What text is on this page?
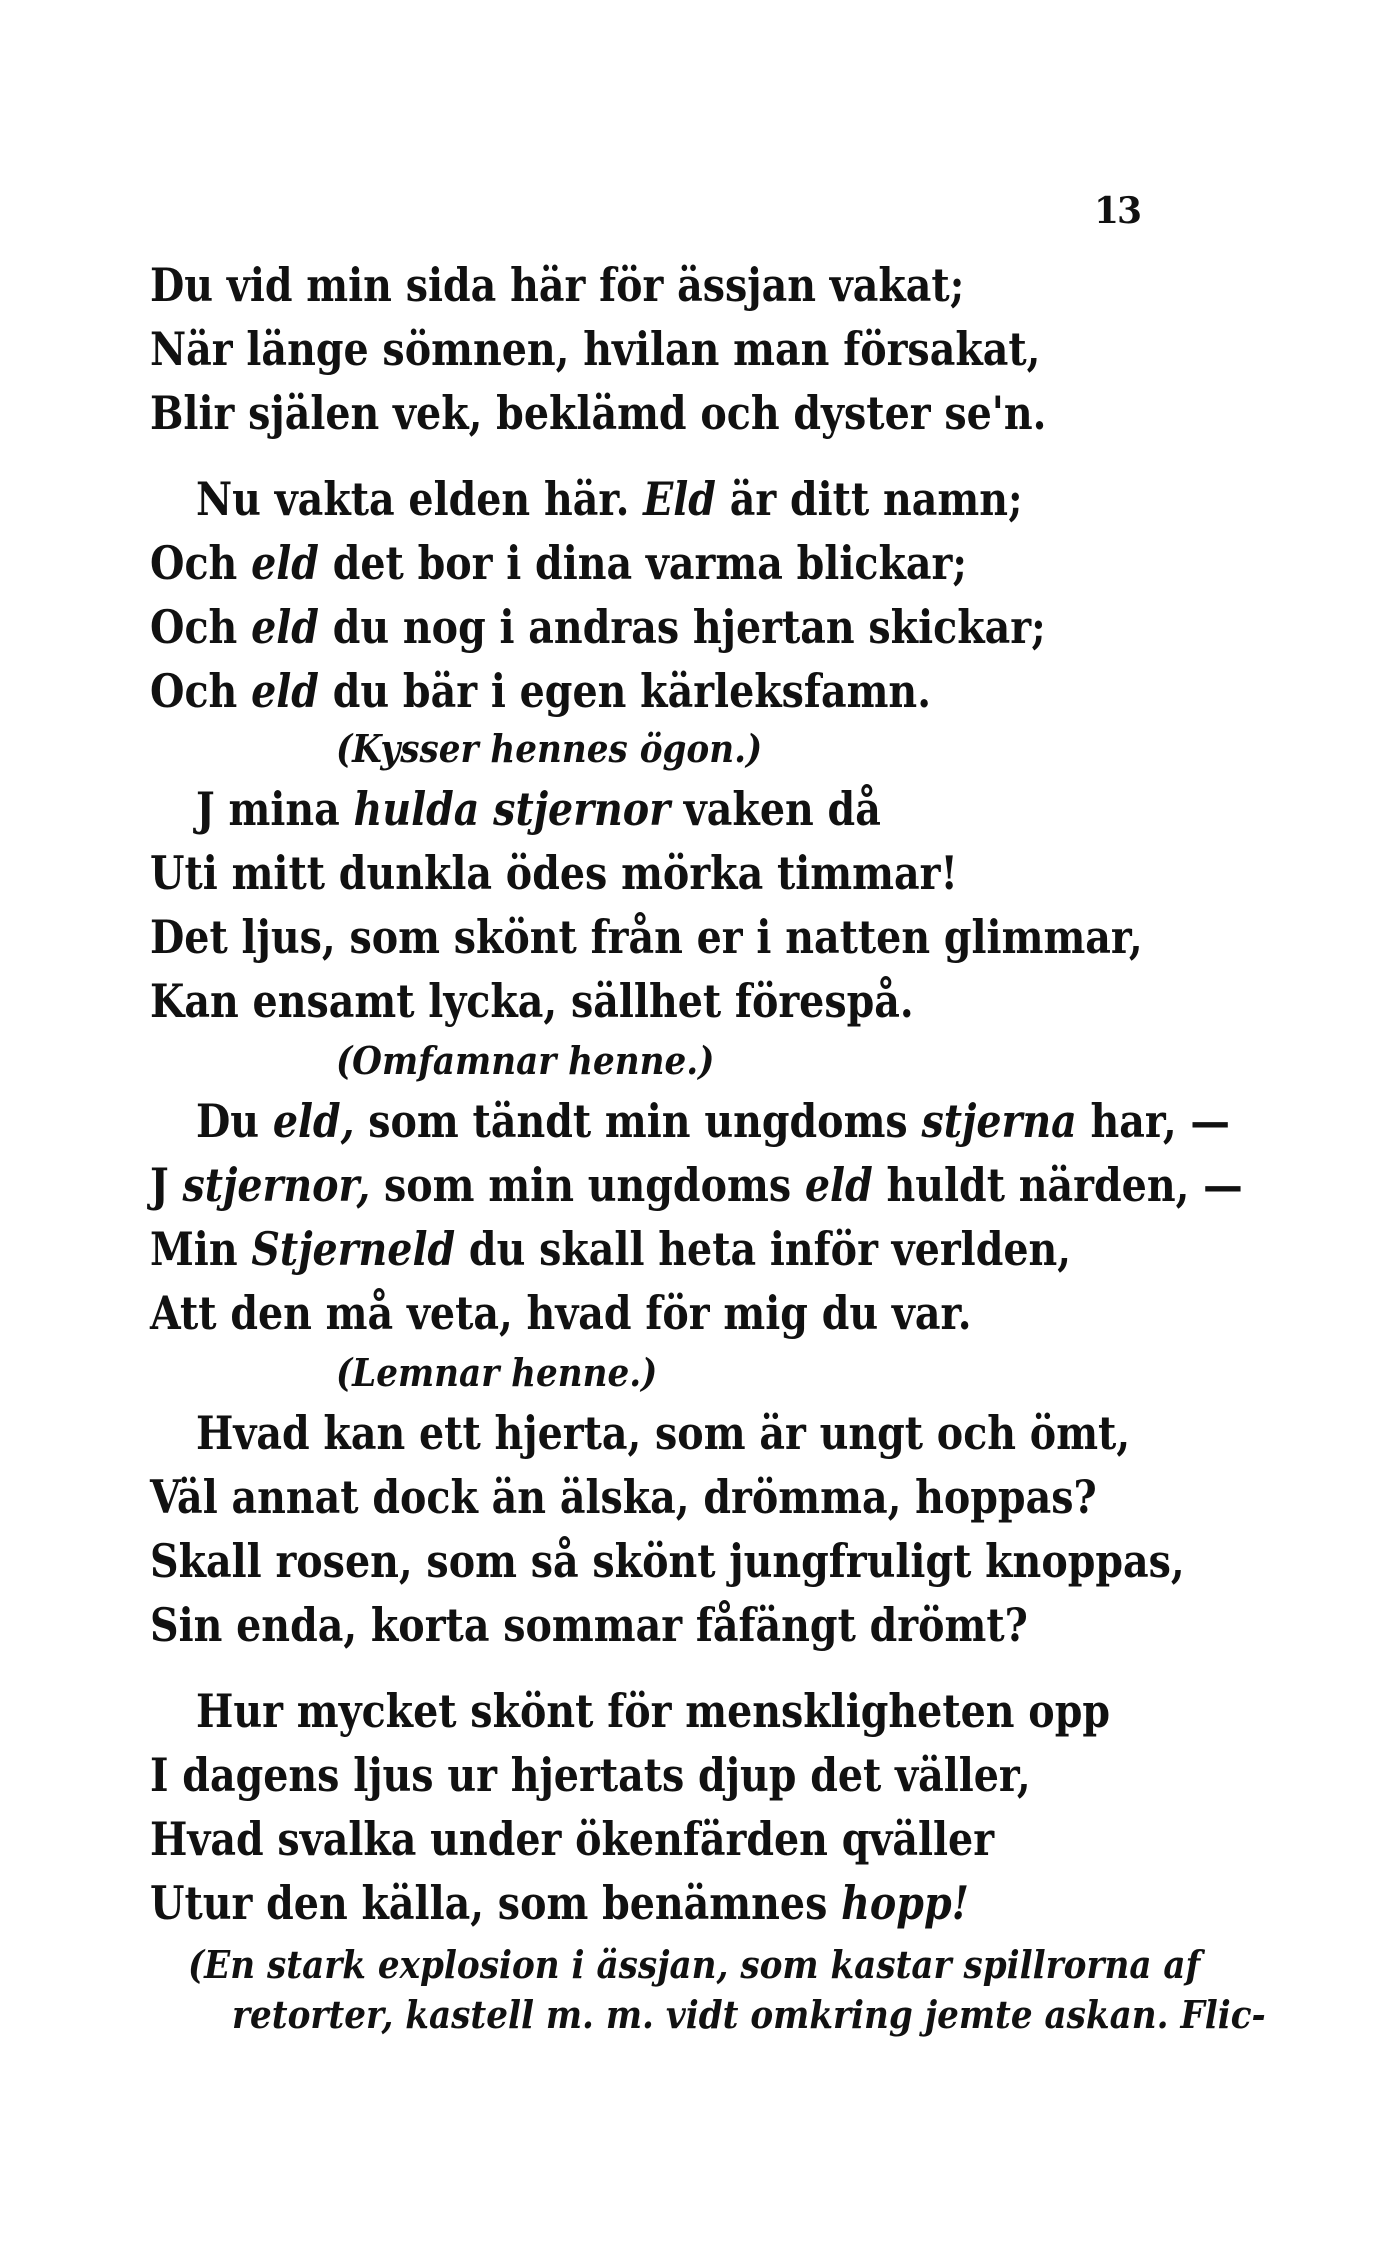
13
Du vid min sida här för ässjan vakat;
När länge sömnen, hvilan man försakat,
Blir själen vek, beklämd och dyster se'n.
Nu vakta elden här. Eld är ditt namn;
Och eld det bor i dina varma blickar;
Och eld du nog i andras hjertan skickar;
Och eld du bär i egen kärleksfamn.
(Kysser hennes ögon.)
J mina hulda stjernor vaken då
Uti mitt dunkla ödes mörka timmar!
Det ljus, som skönt från er i natten glimmar,
Kan ensamt lycka, sällhet förespå.
(Omfamnar henne.)
Du eld, som tändt min ungdoms stjerna har, —
J stjernor, som min ungdoms eld huldt närden, —
Min Stjerneld du skall heta inför verlden,
Att den må veta, hvad för mig du var.
(Lemnar henne.)
Hvad kan ett hjerta, som är ungt och ömt,
Väl annat dock än älska, drömma, hoppas?
Skall rosen, som så skönt jungfruligt knoppas,
Sin enda, korta sommar fåfängt drömt?
Hur mycket skönt för menskligheten opp
I dagens ljus ur hjertats djup det väller,
Hvad svalka under ökenfärden qväller
Utur den källa, som benämnes hopp!
(En stark explosion i ässjan, som kastar spillrorna af
retorter, kastell m. m. vidt omkring jemte askan. Flic-
